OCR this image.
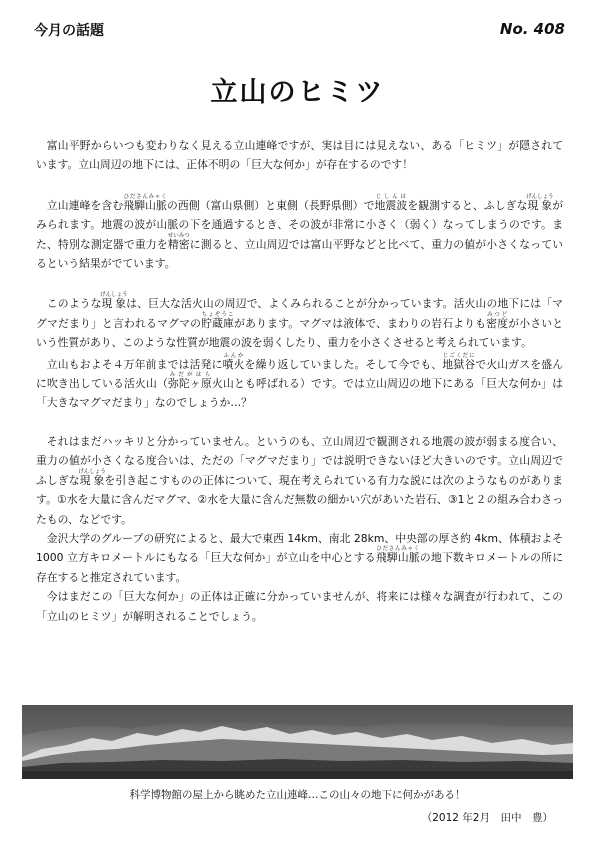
今月の話題	No. 408
立山のヒミツ

富山平野からいつも変わりなく見える立山連峰ですが、実は目には見えない、ある「ヒミツ」が隠されています。立山周辺の地下には、正体不明の「巨大な何か」が存在するのです！

立山連峰を含む飛騨山脈ひださんみゃくの西側（富山県側）と東側（長野県側）で地震波じしんはを観測すると、ふしぎな現象げんしょうがみられます。地震の波が山脈の下を通過するとき、その波が非常に小さく（弱く）なってしまうのです。また、特別な測定器で重力を精密せいみつに測ると、立山周辺では富山平野などと比べて、重力の値が小さくなっているという結果がでています。

このような現象げんしょうは、巨大な活火山の周辺で、よくみられることが分かっています。活火山の地下には「マグマだまり」と言われるマグマの貯蔵庫ちょぞうこがあります。マグマは液体で、まわりの岩石よりも密度みつどが小さいという性質があり、このような性質が地震の波を弱くしたり、重力を小さくさせると考えられています。

立山もおよそ４万年前までは活発に噴火ふんかを繰り返していました。そして今でも、地獄谷じごくだにで火山ガスを盛んに吹き出している活火山（弥陀ヶ原みだがはら火山とも呼ばれる）です。では立山周辺の地下にある「巨大な何か」は「大きなマグマだまり」なのでしょうか…？

それはまだハッキリと分かっていません。というのも、立山周辺で観測される地震の波が弱まる度合い、重力の値が小さくなる度合いは、ただの「マグマだまり」では説明できないほど大きいのです。立山周辺でふしぎな現象げんしょうを引き起こすものの正体について、現在考えられている有力な説には次のようなものがあります。①水を大量に含んだマグマ、②水を大量に含んだ無数の細かい穴があいた岩石、③1と２の組み合わさったもの、などです。

金沢大学のグループの研究によると、最大で東西 14km、南北 28km、中央部の厚さ約 4km、体積およそ 1000 立方キロメートルにもなる「巨大な何か」が立山を中心とする飛騨山脈ひださんみゃくの地下数キロメートルの所に存在すると推定されています。

今はまだこの「巨大な何か」の正体は正確に分かっていませんが、将来には様々な調査が行われて、この「立山のヒミツ」が解明されることでしょう。

科学博物館の屋上から眺めた立山連峰…この山々の地下に何かがある！
（2012 年2月　田中　豊）
